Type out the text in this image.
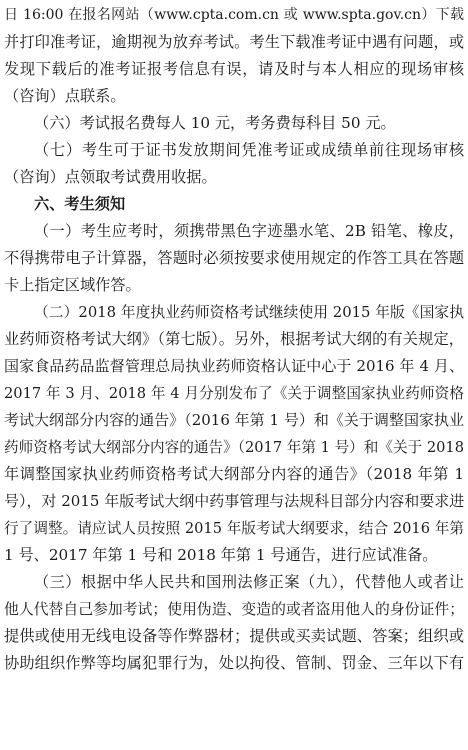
日 16:00 在报名网站（www.cpta.com.cn 或 www.spta.gov.cn）下载
并打印准考证，逾期视为放弃考试。考生下载准考证中遇有问题，或
发现下载后的准考证报考信息有误，请及时与本人相应的现场审核
（咨询）点联系。
（六）考试报名费每人 10 元，考务费每科目 50 元。
（七）考生可于证书发放期间凭准考证或成绩单前往现场审核
（咨询）点领取考试费用收据。
六、考生须知
（一）考生应考时，须携带黑色字迹墨水笔、2B 铅笔、橡皮，
不得携带电子计算器，答题时必须按要求使用规定的作答工具在答题
卡上指定区域作答。
（二）2018 年度执业药师资格考试继续使用 2015 年版《国家执
业药师资格考试大纲》（第七版）。另外，根据考试大纲的有关规定，
国家食品药品监督管理总局执业药师资格认证中心于 2016 年 4 月、
2017 年 3 月、2018 年 4 月分别发布了《关于调整国家执业药师资格
考试大纲部分内容的通告》（2016 年第 1 号）和《关于调整国家执业
药师资格考试大纲部分内容的通告》（2017 年第 1 号）和《关于 2018
年调整国家执业药师资格考试大纲部分内容的通告》（2018 年第 1
号），对 2015 年版考试大纲中药事管理与法规科目部分内容和要求进
行了调整。请应试人员按照 2015 年版考试大纲要求，结合 2016 年第
1 号、2017 年第 1 号和 2018 年第 1 号通告，进行应试准备。
（三）根据中华人民共和国刑法修正案（九），代替他人或者让
他人代替自己参加考试；使用伪造、变造的或者盗用他人的身份证件；
提供或使用无线电设备等作弊器材；提供或买卖试题、答案；组织或
协助组织作弊等均属犯罪行为，处以拘役、管制、罚金、三年以下有
